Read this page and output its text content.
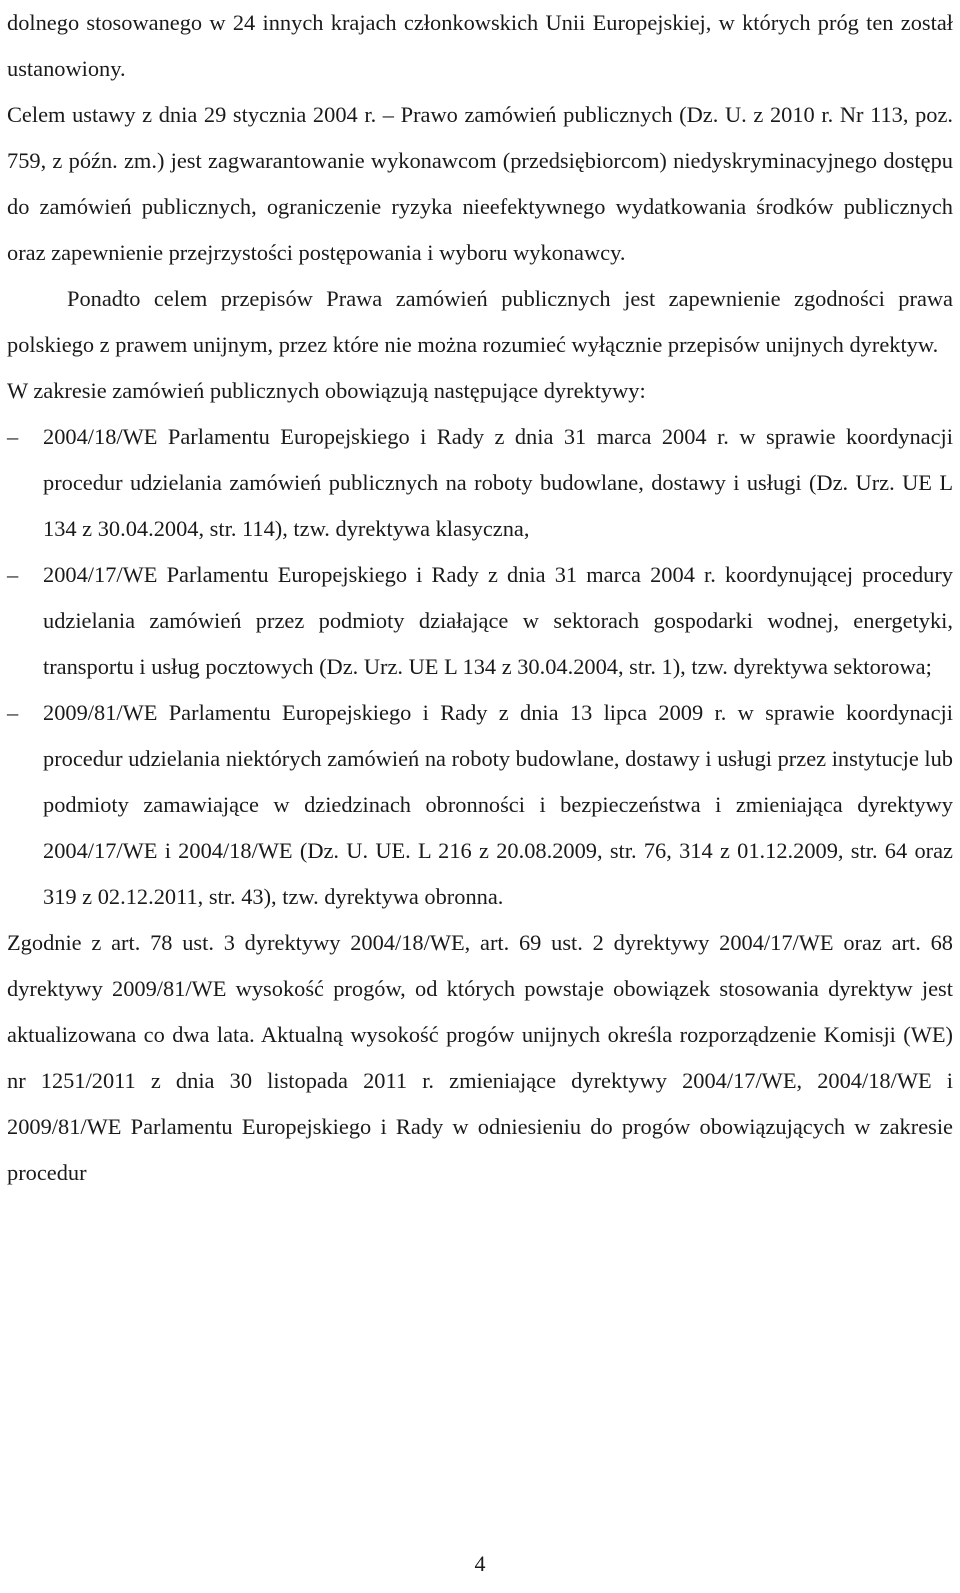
dolnego stosowanego w 24 innych krajach członkowskich Unii Europejskiej, w których próg ten został ustanowiony.

Celem ustawy z dnia 29 stycznia 2004 r. – Prawo zamówień publicznych (Dz. U. z 2010 r. Nr 113, poz. 759, z późn. zm.) jest zagwarantowanie wykonawcom (przedsiębiorcom) niedyskryminacyjnego dostępu do zamówień publicznych, ograniczenie ryzyka nieefektywnego wydatkowania środków publicznych oraz zapewnienie przejrzystości postępowania i wyboru wykonawcy.

Ponadto celem przepisów Prawa zamówień publicznych jest zapewnienie zgodności prawa polskiego z prawem unijnym, przez które nie można rozumieć wyłącznie przepisów unijnych dyrektyw.

W zakresie zamówień publicznych obowiązują następujące dyrektywy:

– 2004/18/WE Parlamentu Europejskiego i Rady z dnia 31 marca 2004 r. w sprawie koordynacji procedur udzielania zamówień publicznych na roboty budowlane, dostawy i usługi (Dz. Urz. UE L 134 z 30.04.2004, str. 114), tzw. dyrektywa klasyczna,
– 2004/17/WE Parlamentu Europejskiego i Rady z dnia 31 marca 2004 r. koordynującej procedury udzielania zamówień przez podmioty działające w sektorach gospodarki wodnej, energetyki, transportu i usług pocztowych (Dz. Urz. UE L 134 z 30.04.2004, str. 1), tzw. dyrektywa sektorowa;
– 2009/81/WE Parlamentu Europejskiego i Rady z dnia 13 lipca 2009 r. w sprawie koordynacji procedur udzielania niektórych zamówień na roboty budowlane, dostawy i usługi przez instytucje lub podmioty zamawiające w dziedzinach obronności i bezpieczeństwa i zmieniająca dyrektywy 2004/17/WE i 2004/18/WE (Dz. U. UE. L 216 z 20.08.2009, str. 76, 314 z 01.12.2009, str. 64 oraz 319 z 02.12.2011, str. 43), tzw. dyrektywa obronna.

Zgodnie z art. 78 ust. 3 dyrektywy 2004/18/WE, art. 69 ust. 2 dyrektywy 2004/17/WE oraz art. 68 dyrektywy 2009/81/WE wysokość progów, od których powstaje obowiązek stosowania dyrektyw jest aktualizowana co dwa lata. Aktualną wysokość progów unijnych określa rozporządzenie Komisji (WE) nr 1251/2011 z dnia 30 listopada 2011 r. zmieniające dyrektywy 2004/17/WE, 2004/18/WE i 2009/81/WE Parlamentu Europejskiego i Rady w odniesieniu do progów obowiązujących w zakresie procedur

4
